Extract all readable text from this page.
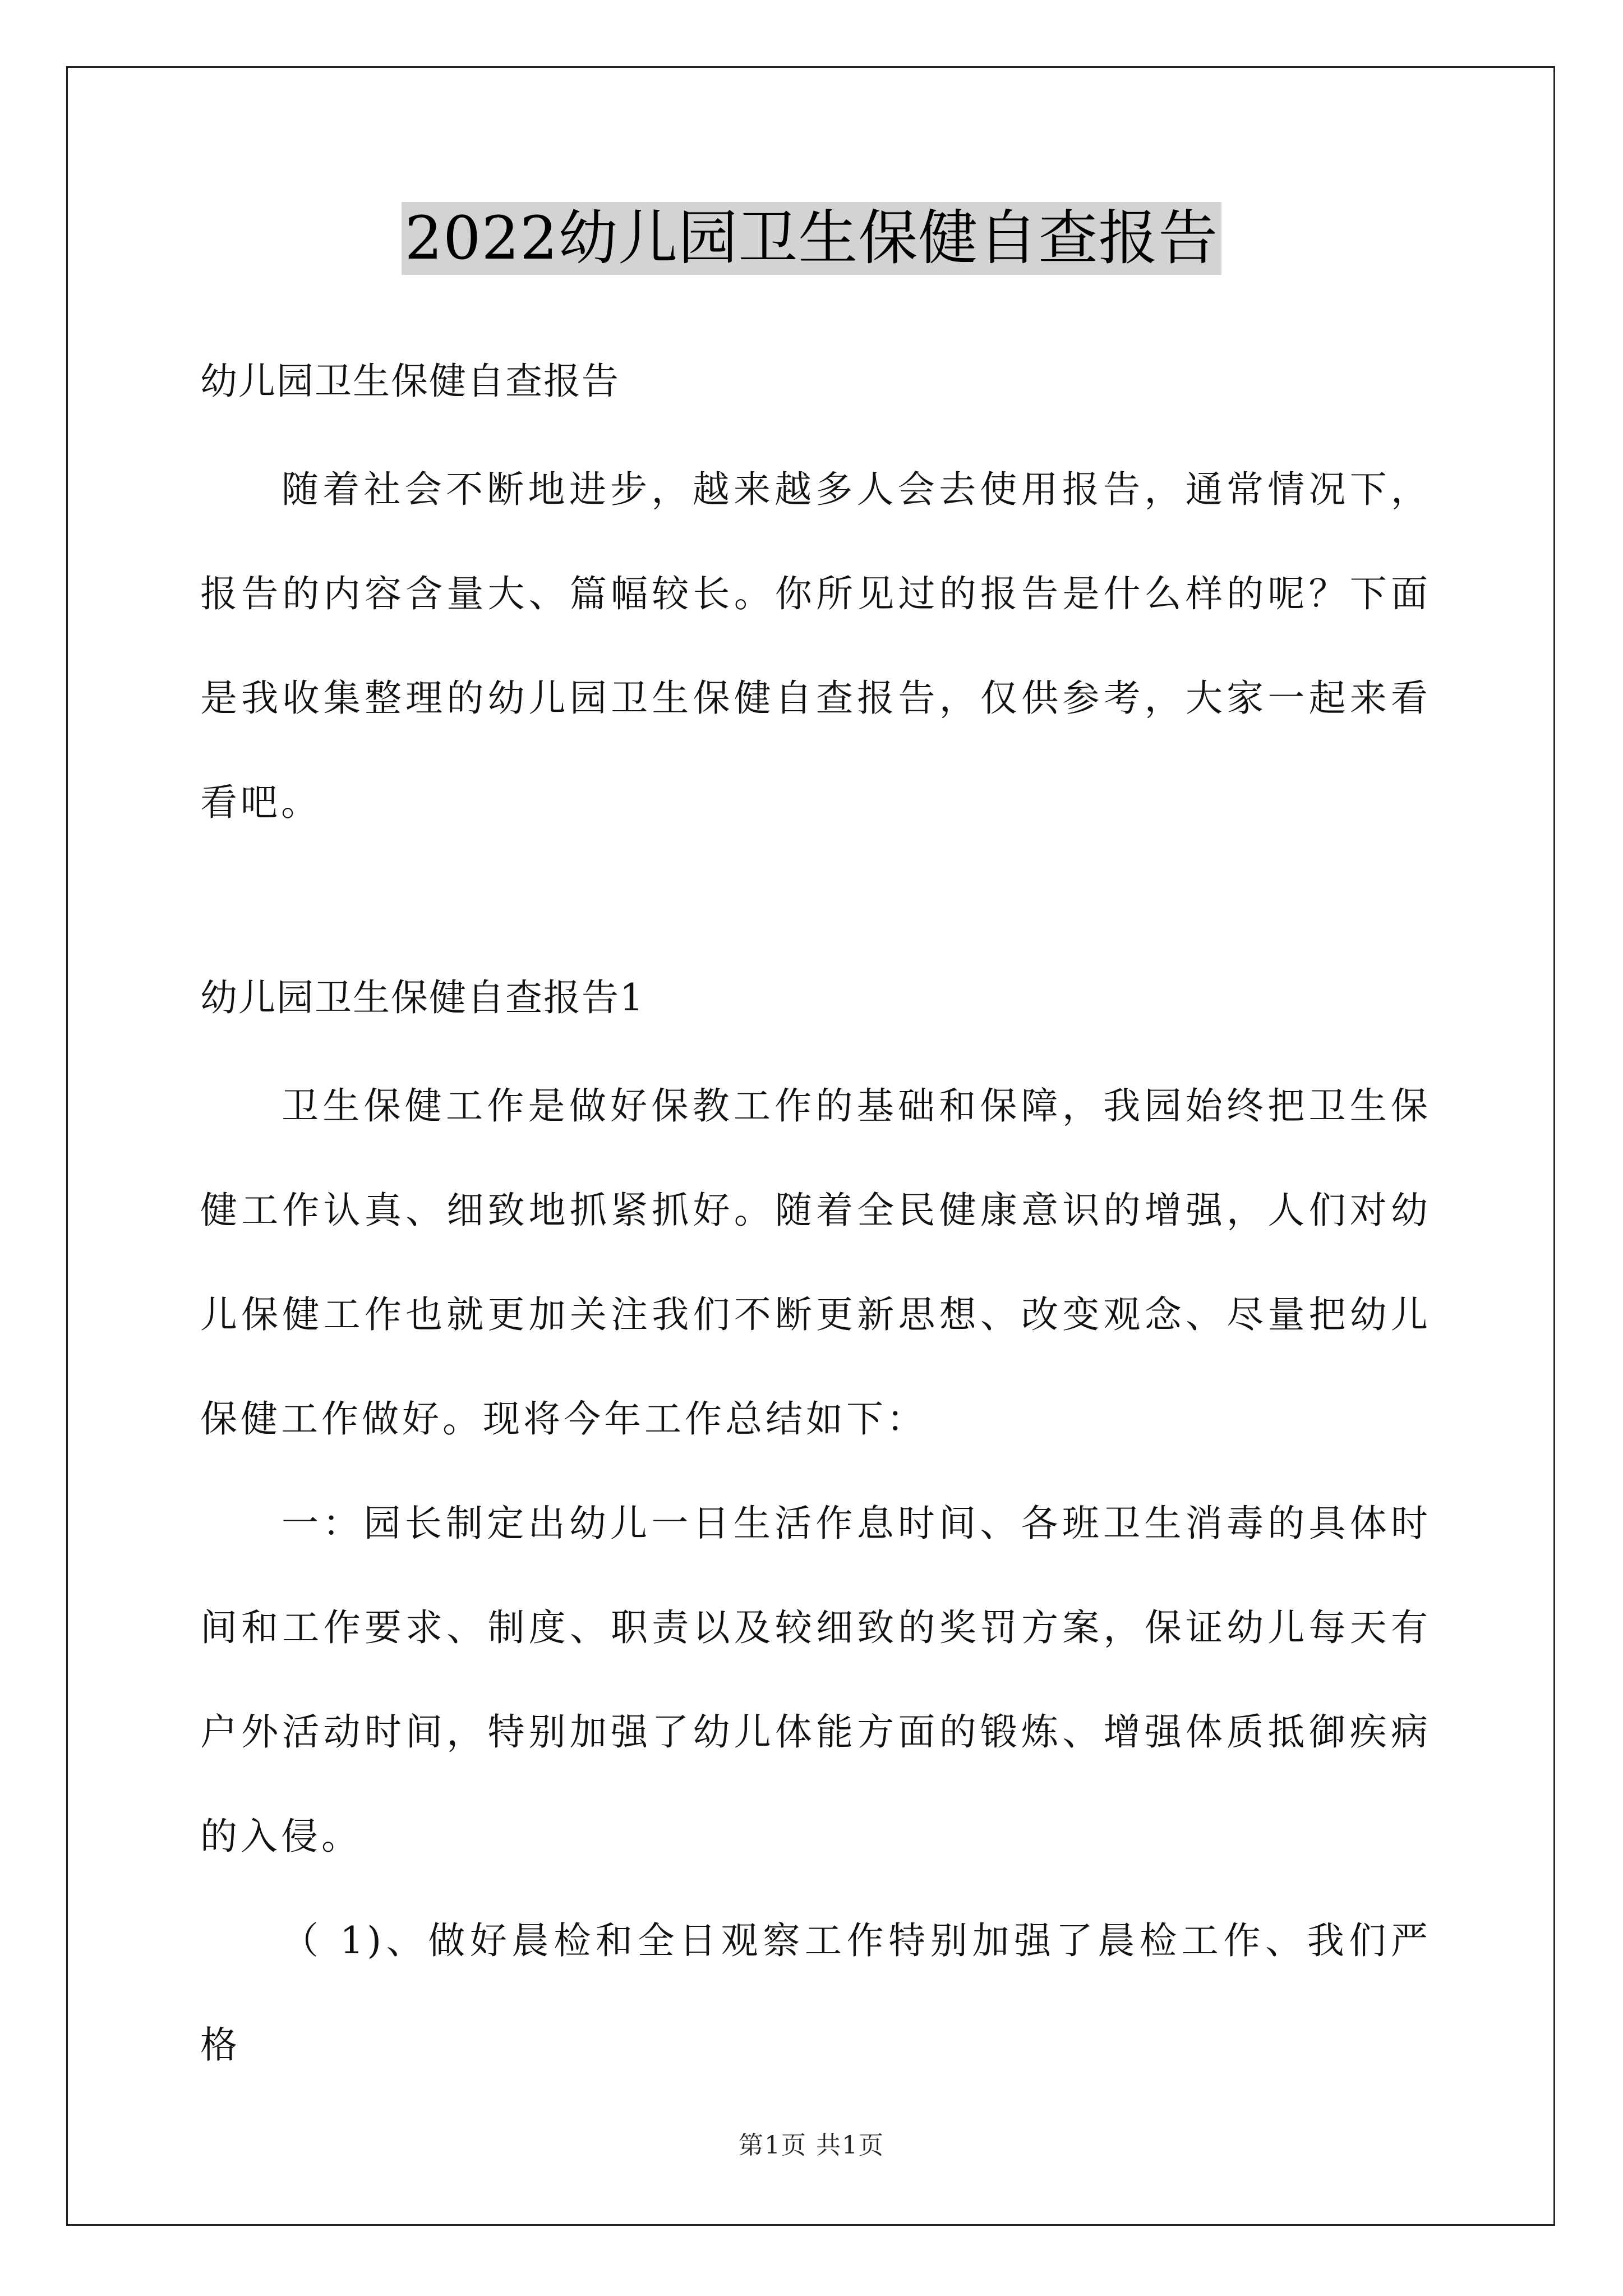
2022幼儿园卫生保健自查报告

幼儿园卫生保健自查报告

随着社会不断地进步，越来越多人会去使用报告，通常情况下，报告的内容含量大、篇幅较长。你所见过的报告是什么样的呢？下面是我收集整理的幼儿园卫生保健自查报告，仅供参考，大家一起来看看吧。

幼儿园卫生保健自查报告1

卫生保健工作是做好保教工作的基础和保障，我园始终把卫生保健工作认真、细致地抓紧抓好。随着全民健康意识的增强，人们对幼儿保健工作也就更加关注我们不断更新思想、改变观念、尽量把幼儿保健工作做好。现将今年工作总结如下：

一：园长制定出幼儿一日生活作息时间、各班卫生消毒的具体时间和工作要求、制度、职责以及较细致的奖罚方案，保证幼儿每天有户外活动时间，特别加强了幼儿体能方面的锻炼、增强体质抵御疾病的入侵。

（ 1)、做好晨检和全日观察工作特别加强了晨检工作、我们严格

第1页 共1页
